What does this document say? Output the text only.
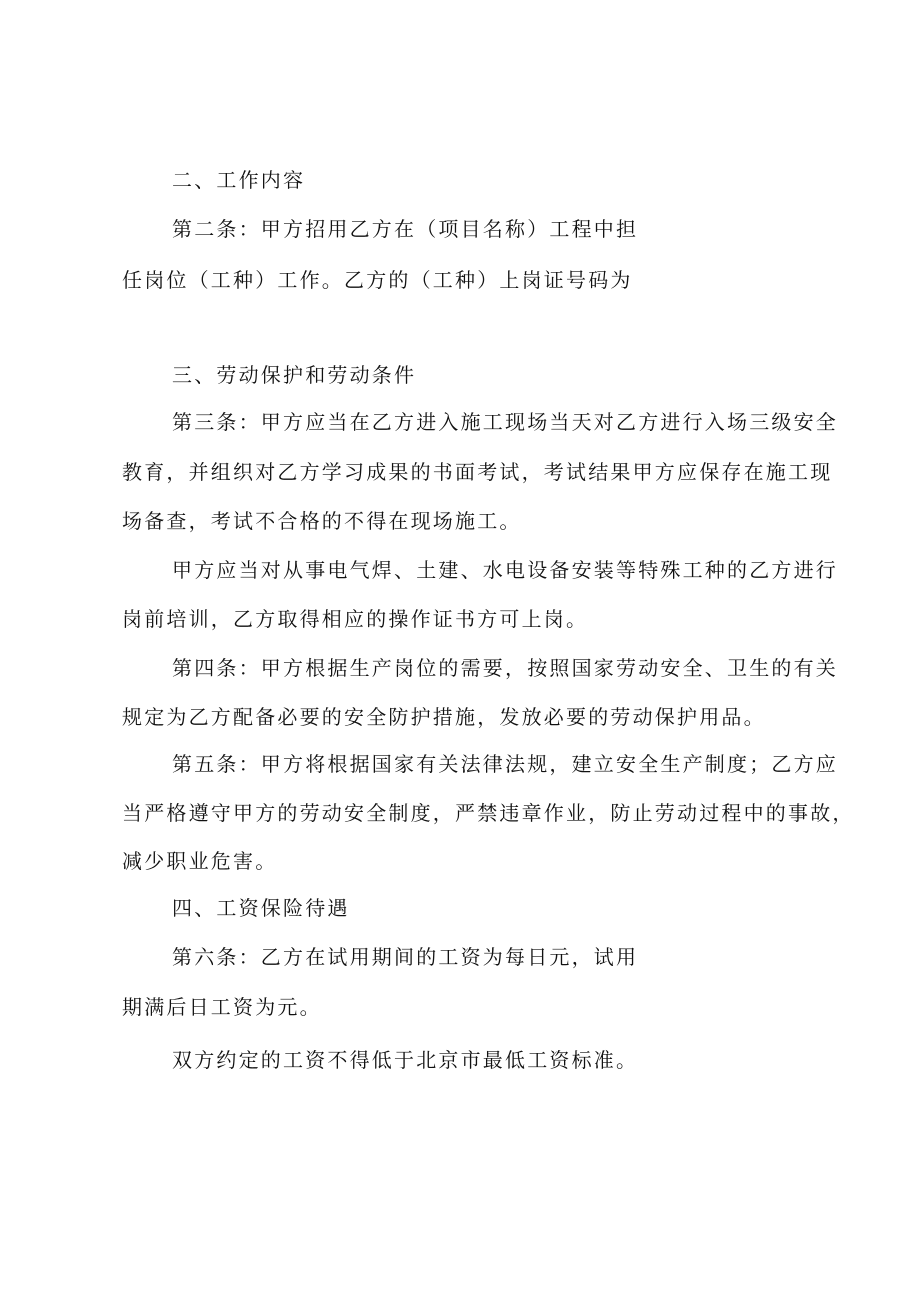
二、工作内容
第二条：甲方招用乙方在（项目名称）工程中担
任岗位（工种）工作。乙方的（工种）上岗证号码为
三、劳动保护和劳动条件
第三条：甲方应当在乙方进入施工现场当天对乙方进行入场三级安全
教育，并组织对乙方学习成果的书面考试，考试结果甲方应保存在施工现
场备查，考试不合格的不得在现场施工。
甲方应当对从事电气焊、土建、水电设备安装等特殊工种的乙方进行
岗前培训，乙方取得相应的操作证书方可上岗。
第四条：甲方根据生产岗位的需要，按照国家劳动安全、卫生的有关
规定为乙方配备必要的安全防护措施，发放必要的劳动保护用品。
第五条：甲方将根据国家有关法律法规，建立安全生产制度；乙方应
当严格遵守甲方的劳动安全制度，严禁违章作业，防止劳动过程中的事故，
减少职业危害。
四、工资保险待遇
第六条：乙方在试用期间的工资为每日元，试用
期满后日工资为元。
双方约定的工资不得低于北京市最低工资标准。
